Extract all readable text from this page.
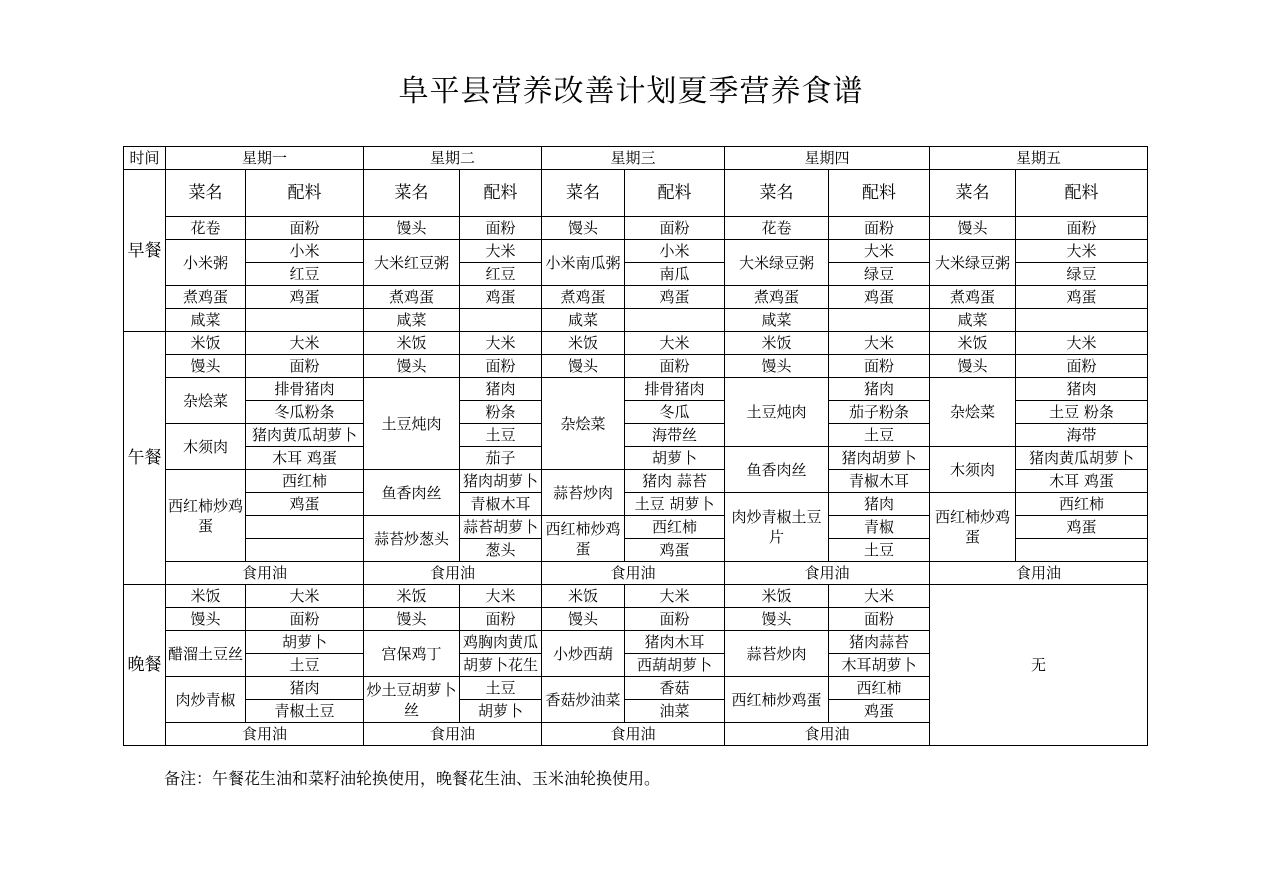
阜平县营养改善计划夏季营养食谱
时间	星期一		星期二		星期三		星期四		星期五	
早餐	菜名	配料	菜名	配料	菜名	配料	菜名	配料	菜名	配料
	花卷	面粉	馒头	面粉	馒头	面粉	花卷	面粉	馒头	面粉
	小米粥	小米	大米红豆粥	大米	小米南瓜粥	小米	大米绿豆粥	大米	大米绿豆粥	大米
		红豆		红豆		南瓜		绿豆		绿豆
	煮鸡蛋	鸡蛋	煮鸡蛋	鸡蛋	煮鸡蛋	鸡蛋	煮鸡蛋	鸡蛋	煮鸡蛋	鸡蛋
	咸菜		咸菜		咸菜		咸菜		咸菜	
午餐	米饭	大米	米饭	大米	米饭	大米	米饭	大米	米饭	大米
	馒头	面粉	馒头	面粉	馒头	面粉	馒头	面粉	馒头	面粉
	杂烩菜	排骨猪肉	土豆炖肉	猪肉	杂烩菜	排骨猪肉	土豆炖肉	猪肉	杂烩菜	猪肉
		冬瓜粉条		粉条		冬瓜		茄子粉条		土豆 粉条
	木须肉	猪肉黄瓜胡萝卜		土豆		海带丝		土豆		海带
		木耳 鸡蛋		茄子		胡萝卜	鱼香肉丝	猪肉胡萝卜	木须肉	猪肉黄瓜胡萝卜
	西红柿炒鸡蛋	西红柿	鱼香肉丝	猪肉胡萝卜	蒜苔炒肉	猪肉 蒜苔		青椒木耳		木耳 鸡蛋
		鸡蛋		青椒木耳		土豆 胡萝卜	肉炒青椒土豆片	猪肉	西红柿炒鸡蛋	西红柿
			蒜苔炒葱头	蒜苔胡萝卜	西红柿炒鸡蛋	西红柿		青椒		鸡蛋
				葱头		鸡蛋		土豆		
	食用油		食用油		食用油		食用油		食用油	
晚餐	米饭	大米	米饭	大米	米饭	大米	米饭	大米	无	
	馒头	面粉	馒头	面粉	馒头	面粉	馒头	面粉		
	醋溜土豆丝	胡萝卜	宫保鸡丁	鸡胸肉黄瓜	小炒西葫	猪肉木耳	蒜苔炒肉	猪肉蒜苔		
		土豆		胡萝卜花生		西葫胡萝卜		木耳胡萝卜		
	肉炒青椒	猪肉	炒土豆胡萝卜丝	土豆	香菇炒油菜	香菇	西红柿炒鸡蛋	西红柿		
		青椒土豆		胡萝卜		油菜		鸡蛋		
	食用油		食用油		食用油		食用油			
备注：午餐花生油和菜籽油轮换使用，晚餐花生油、玉米油轮换使用。
